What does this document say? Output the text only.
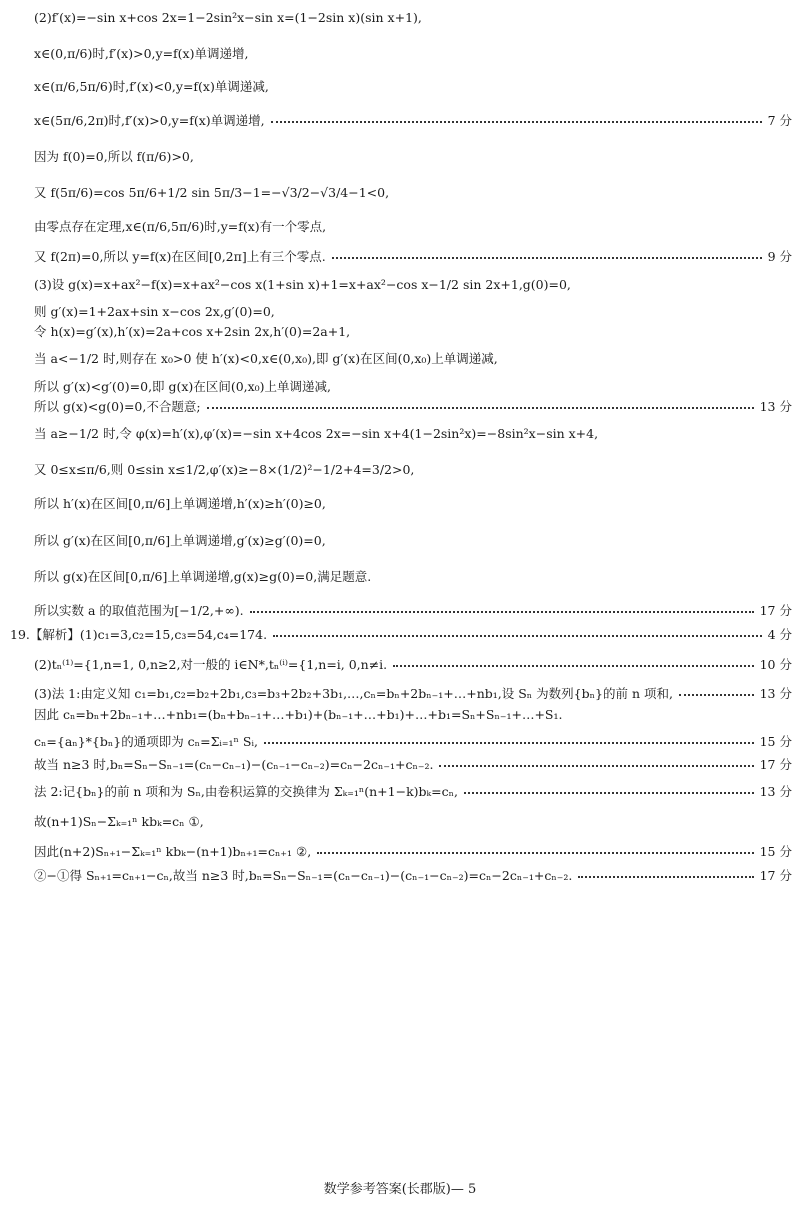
(2)f′(x)=−sin x+cos 2x=1−2sin²x−sin x=(1−2sin x)(sin x+1),
x∈(0,π/6)时,f′(x)>0,y=f(x)单调递增,
x∈(π/6,5π/6)时,f′(x)<0,y=f(x)单调递减,
x∈(5π/6,2π)时,f′(x)>0,y=f(x)单调递增,	7 分
因为 f(0)=0,所以 f(π/6)>0,
又 f(5π/6)=cos 5π/6+1/2 sin 5π/3−1=−√3/2−√3/4−1<0,
由零点存在定理,x∈(π/6,5π/6)时,y=f(x)有一个零点,
又 f(2π)=0,所以 y=f(x)在区间[0,2π]上有三个零点.	9 分
(3)设 g(x)=x+ax²−f(x)=x+ax²−cos x(1+sin x)+1=x+ax²−cos x−1/2 sin 2x+1,g(0)=0,
则 g′(x)=1+2ax+sin x−cos 2x,g′(0)=0,
令 h(x)=g′(x),h′(x)=2a+cos x+2sin 2x,h′(0)=2a+1,
当 a<−1/2 时,则存在 x₀>0 使 h′(x)<0,x∈(0,x₀),即 g′(x)在区间(0,x₀)上单调递减,
所以 g′(x)<g′(0)=0,即 g(x)在区间(0,x₀)上单调递减,
所以 g(x)<g(0)=0,不合题意;	13 分
当 a≥−1/2 时,令 φ(x)=h′(x),φ′(x)=−sin x+4cos 2x=−sin x+4(1−2sin²x)=−8sin²x−sin x+4,
又 0≤x≤π/6,则 0≤sin x≤1/2,φ′(x)≥−8×(1/2)²−1/2+4=3/2>0,
所以 h′(x)在区间[0,π/6]上单调递增,h′(x)≥h′(0)≥0,
所以 g′(x)在区间[0,π/6]上单调递增,g′(x)≥g′(0)=0,
所以 g(x)在区间[0,π/6]上单调递增,g(x)≥g(0)=0,满足题意.
所以实数 a 的取值范围为[−1/2,+∞).	17 分
19.【解析】(1)c₁=3,c₂=15,c₃=54,c₄=174.	4 分
(2)tₙ⁽¹⁾={1,n=1, 0,n≥2,对一般的 i∈N*,tₙ⁽ⁱ⁾={1,n=i, 0,n≠i.	10 分
(3)法 1:由定义知 c₁=b₁,c₂=b₂+2b₁,c₃=b₃+2b₂+3b₁,…,cₙ=bₙ+2bₙ₋₁+…+nb₁,设 Sₙ 为数列{bₙ}的前 n 项和,	13 分
因此 cₙ=bₙ+2bₙ₋₁+…+nb₁=(bₙ+bₙ₋₁+…+b₁)+(bₙ₋₁+…+b₁)+…+b₁=Sₙ+Sₙ₋₁+…+S₁.
cₙ={aₙ}*{bₙ}的通项即为 cₙ=Σᵢ₌₁ⁿ Sᵢ,	15 分
故当 n≥3 时,bₙ=Sₙ−Sₙ₋₁=(cₙ−cₙ₋₁)−(cₙ₋₁−cₙ₋₂)=cₙ−2cₙ₋₁+cₙ₋₂.	17 分
法 2:记{bₙ}的前 n 项和为 Sₙ,由卷积运算的交换律为 Σₖ₌₁ⁿ(n+1−k)bₖ=cₙ,	13 分
故(n+1)Sₙ−Σₖ₌₁ⁿ kbₖ=cₙ ①,
因此(n+2)Sₙ₊₁−Σₖ₌₁ⁿ kbₖ−(n+1)bₙ₊₁=cₙ₊₁ ②,	15 分
②−①得 Sₙ₊₁=cₙ₊₁−cₙ,故当 n≥3 时,bₙ=Sₙ−Sₙ₋₁=(cₙ−cₙ₋₁)−(cₙ₋₁−cₙ₋₂)=cₙ−2cₙ₋₁+cₙ₋₂.	17 分
数学参考答案(长郡版)— 5
